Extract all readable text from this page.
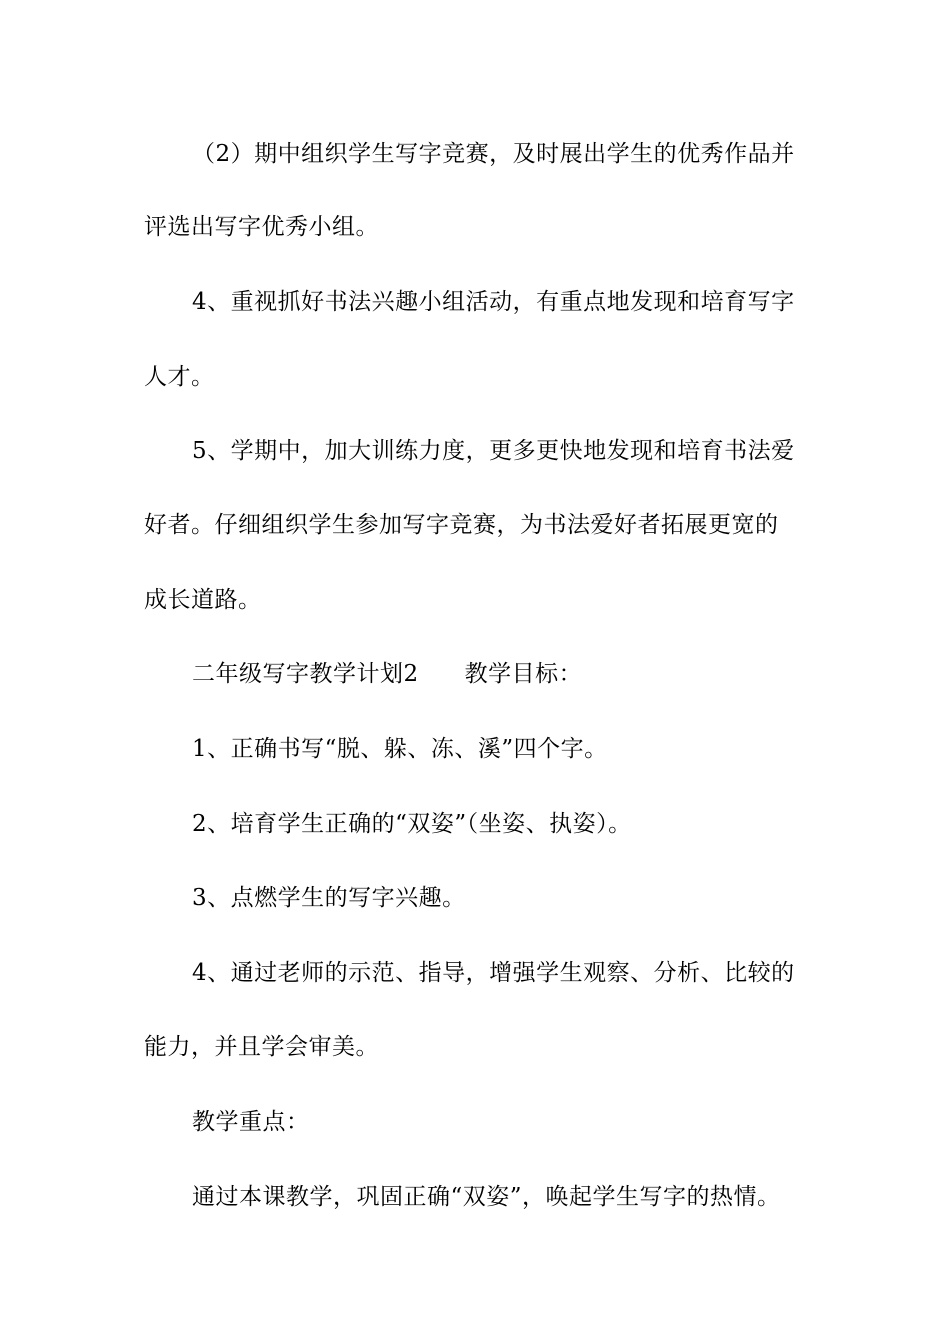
（2）期中组织学生写字竞赛，及时展出学生的优秀作品并
评选出写字优秀小组。
4、重视抓好书法兴趣小组活动，有重点地发现和培育写字
人才。
5、学期中，加大训练力度，更多更快地发现和培育书法爱
好者。仔细组织学生参加写字竞赛，为书法爱好者拓展更宽的
成长道路。
二年级写字教学计划2 教学目标：
1、正确书写“脱、躲、冻、溪”四个字。
2、培育学生正确的“双姿”（坐姿、执姿）。
3、点燃学生的写字兴趣。
4、通过老师的示范、指导，增强学生观察、分析、比较的
能力，并且学会审美。
教学重点：
通过本课教学，巩固正确“双姿”，唤起学生写字的热情。
